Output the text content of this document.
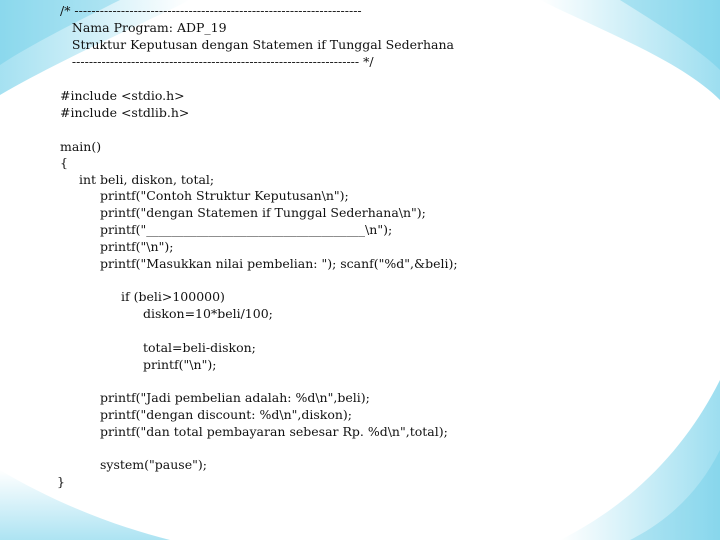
/* --------------------------------------------------------------------
Nama Program: ADP_19
Struktur Keputusan dengan Statemen if Tunggal Sederhana
-------------------------------------------------------------------- */
#include <stdio.h>
#include <stdlib.h>
main()
{
int beli, diskon, total;
printf("Contoh Struktur Keputusan\n");
printf("dengan Statemen if Tunggal Sederhana\n");
printf("___________________________________\n");
printf("\n");
printf("Masukkan nilai pembelian: "); scanf("%d",&beli);
if (beli>100000)
diskon=10*beli/100;
total=beli-diskon;
printf("\n");
printf("Jadi pembelian adalah: %d\n",beli);
printf("dengan discount: %d\n",diskon);
printf("dan total pembayaran sebesar Rp. %d\n",total);
system("pause");
}
